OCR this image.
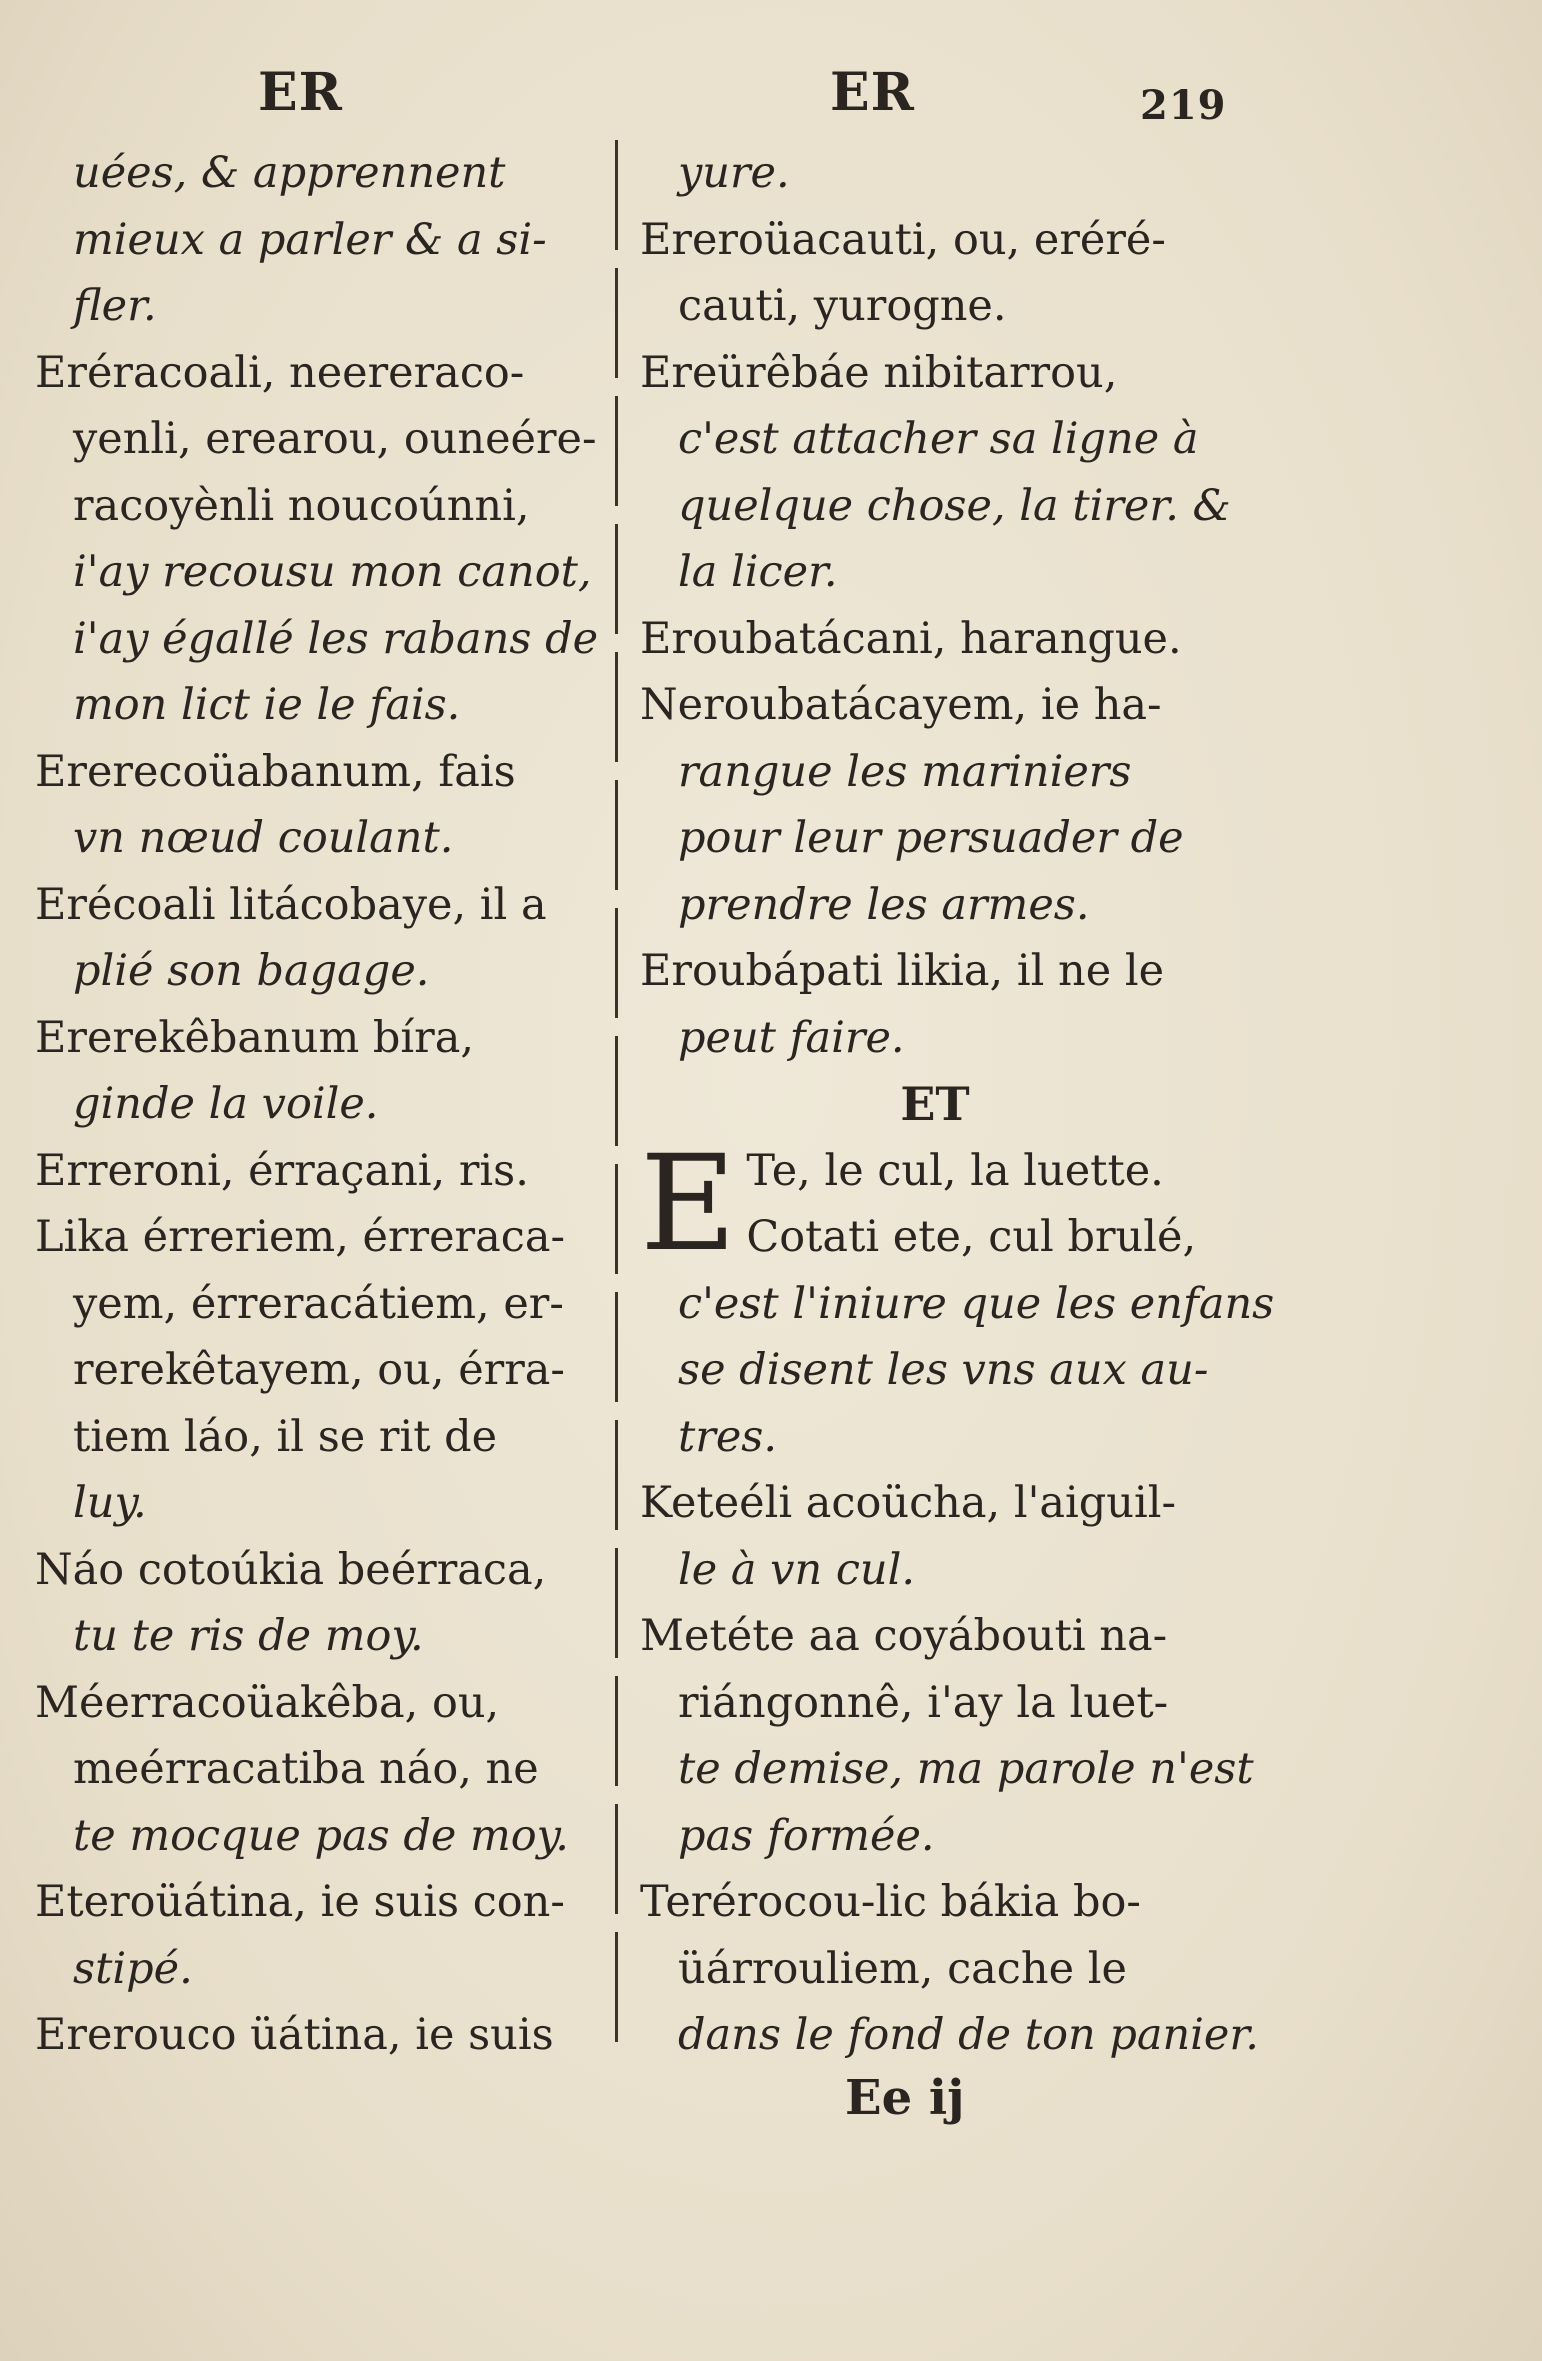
ER	ER	219
uées, & apprennent
mieux a parler & a si-
fler.
Eréracoali, neereraco-
yenli, erearou, ouneére-
racoyènli noucoúnni,
i'ay recousu mon canot,
i'ay égallé les rabans de
mon lict ie le fais.
Ererecoüabanum, fais
vn nœud coulant.
Erécoali litácobaye, il a
plié son bagage.
Ererekêbanum bíra,
ginde la voile.
Erreroni, érraçani, ris.
Lika érreriem, érreraca-
yem, érreracátiem, er-
rerekêtayem, ou, érra-
tiem láo, il se rit de
luy.
Náo cotoúkia beérraca,
tu te ris de moy.
Méerracoüakêba, ou,
meérracatiba náo, ne
te mocque pas de moy.
Eteroüátina, ie suis con-
stipé.
Ererouco üátina, ie suis
yure.
Ereroüacauti, ou, eréré-
cauti, yurogne.
Ereürêbáe nibitarrou,
c'est attacher sa ligne à
quelque chose, la tirer. &
la licer.
Eroubatácani, harangue.
Neroubatácayem, ie ha-
rangue les mariniers
pour leur persuader de
prendre les armes.
Eroubápati likia, il ne le
peut faire.
ET
E Te, le cul, la luette.
Cotati ete, cul brulé,
c'est l'iniure que les enfans
se disent les vns aux au-
tres.
Keteéli acoücha, l'aiguil-
le à vn cul.
Metéte aa coyábouti na-
riángonnê, i'ay la luet-
te demise, ma parole n'est
pas formée.
Terérocou-lic bákia bo-
üárrouliem, cache le
dans le fond de ton panier.
Ee ij
